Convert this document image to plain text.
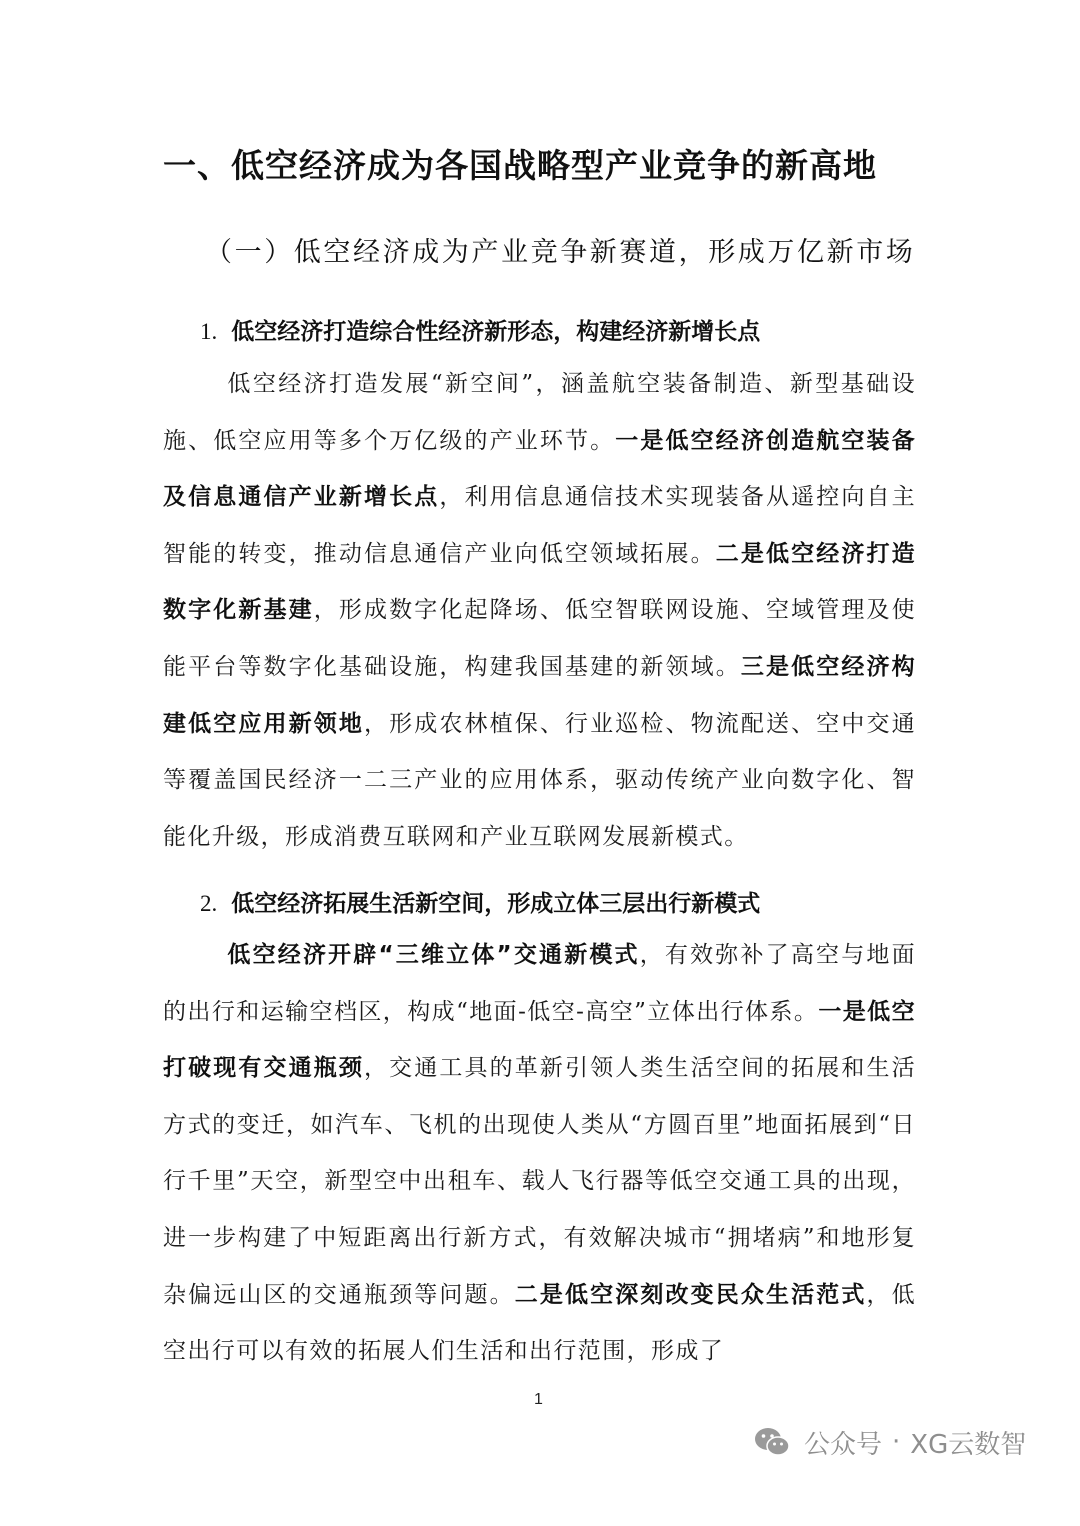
一、低空经济成为各国战略型产业竞争的新高地
（一）低空经济成为产业竞争新赛道，形成万亿新市场
1. 低空经济打造综合性经济新形态，构建经济新增长点
低空经济打造发展“新空间”，涵盖航空装备制造、新型基础设施、低空应用等多个万亿级的产业环节。一是低空经济创造航空装备及信息通信产业新增长点，利用信息通信技术实现装备从遥控向自主智能的转变，推动信息通信产业向低空领域拓展。二是低空经济打造数字化新基建，形成数字化起降场、低空智联网设施、空域管理及使能平台等数字化基础设施，构建我国基建的新领域。三是低空经济构建低空应用新领地，形成农林植保、行业巡检、物流配送、空中交通等覆盖国民经济一二三产业的应用体系，驱动传统产业向数字化、智能化升级，形成消费互联网和产业互联网发展新模式。
2. 低空经济拓展生活新空间，形成立体三层出行新模式
低空经济开辟“三维立体”交通新模式，有效弥补了高空与地面的出行和运输空档区，构成“地面-低空-高空”立体出行体系。一是低空打破现有交通瓶颈，交通工具的革新引领人类生活空间的拓展和生活方式的变迁，如汽车、飞机的出现使人类从“方圆百里”地面拓展到“日行千里”天空，新型空中出租车、载人飞行器等低空交通工具的出现，进一步构建了中短距离出行新方式，有效解决城市“拥堵病”和地形复杂偏远山区的交通瓶颈等问题。二是低空深刻改变民众生活范式，低空出行可以有效的拓展人们生活和出行范围，形成了
1
公众号 · XG云数智
